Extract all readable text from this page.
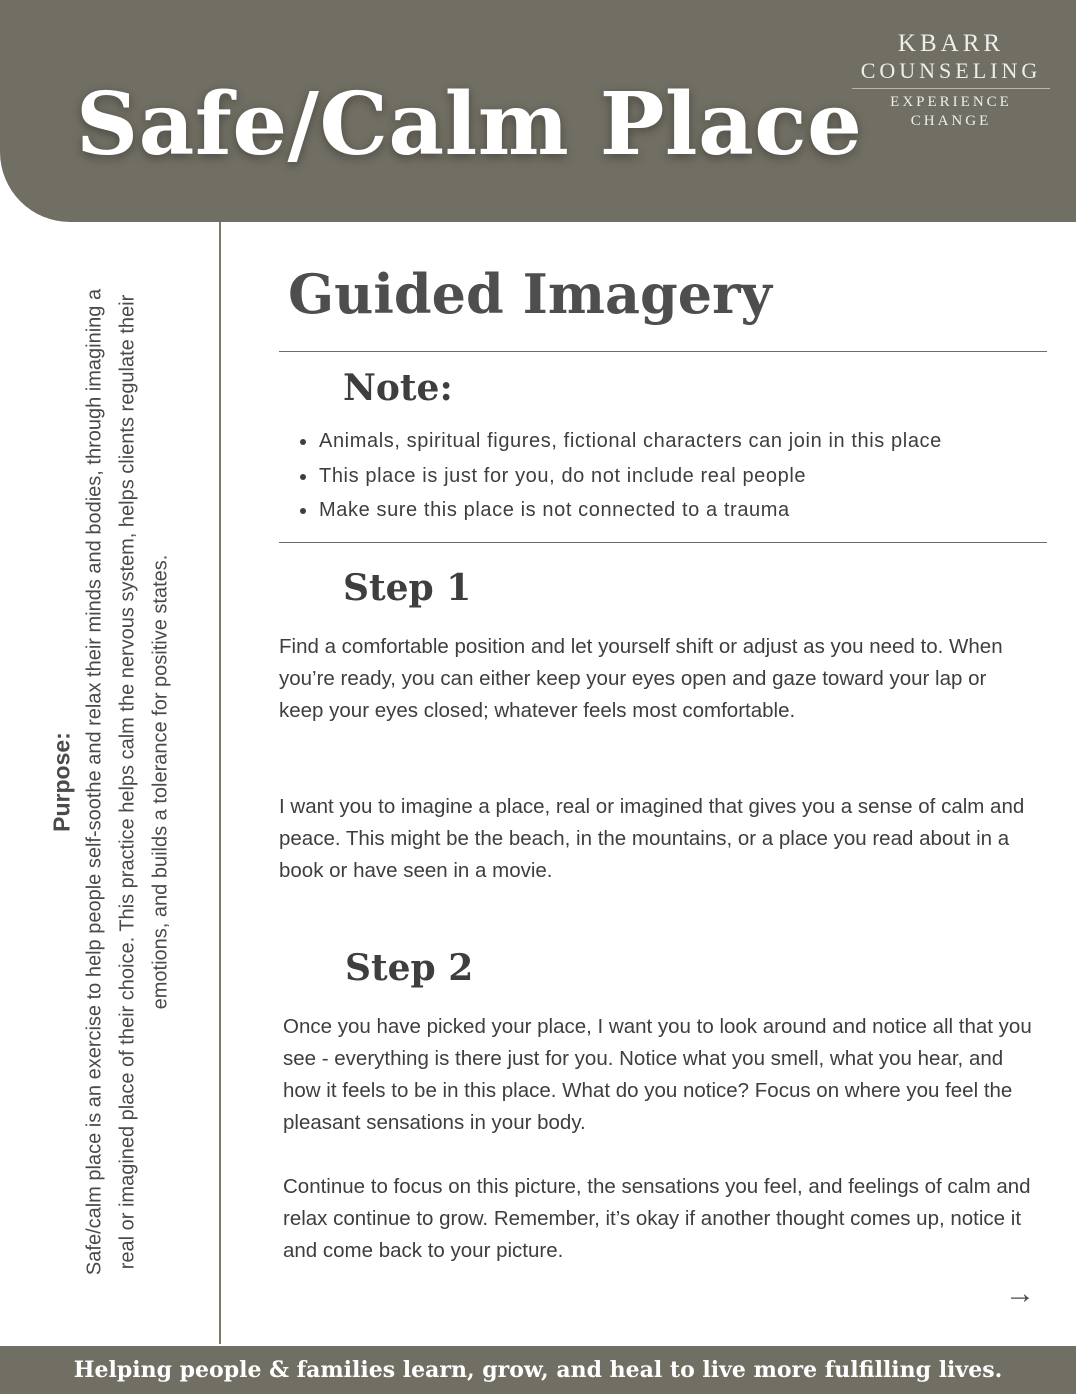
Safe/Calm Place
KBARR
COUNSELING
EXPERIENCE
CHANGE
Purpose: Safe/calm place is an exercise to help people self-soothe and relax their minds and bodies, through imagining a real or imagined place of their choice. This practice helps calm the nervous system, helps clients regulate their emotions, and builds a tolerance for positive states.
Guided Imagery
Note:
Animals, spiritual figures, fictional characters can join in this place
This place is just for you, do not include real people
Make sure this place is not connected to a trauma
Step 1
Find a comfortable position and let yourself shift or adjust as you need to. When you’re ready, you can either keep your eyes open and gaze toward your lap or keep your eyes closed; whatever feels most comfortable.
I want you to imagine a place, real or imagined that gives you a sense of calm and peace. This might be the beach, in the mountains, or a place you read about in a book or have seen in a movie.
Step 2
Once you have picked your place, I want you to look around and notice all that you see - everything is there just for you. Notice what you smell, what you hear, and how it feels to be in this place. What do you notice? Focus on where you feel the pleasant sensations in your body.
Continue to focus on this picture, the sensations you feel, and feelings of calm and relax continue to grow. Remember, it’s okay if another thought comes up, notice it and come back to your picture.
→
Helping people & families learn, grow, and heal to live more fulfilling lives.
